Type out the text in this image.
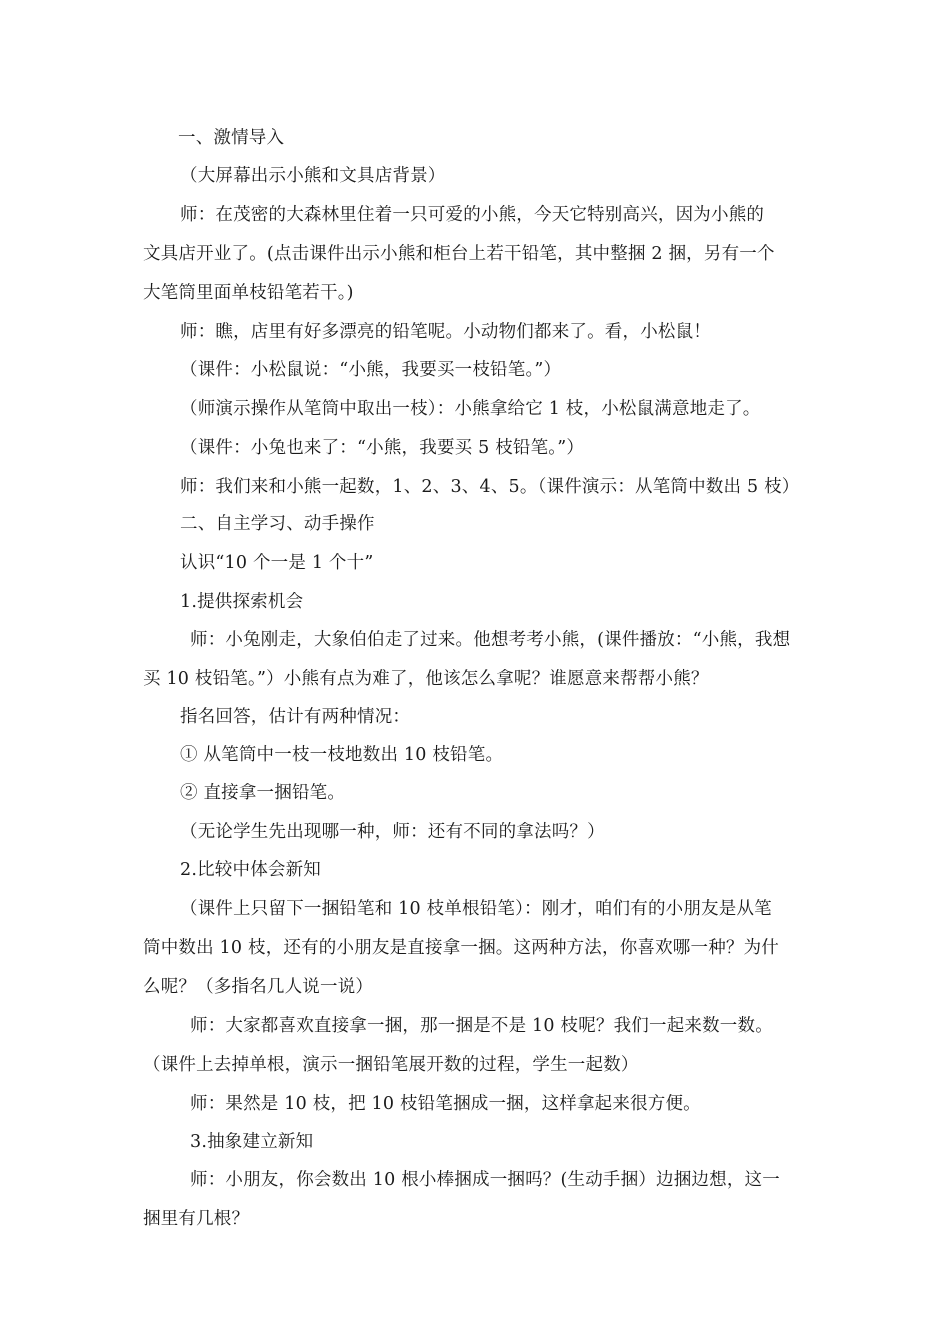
一、激情导入
（大屏幕出示小熊和文具店背景）
师：在茂密的大森林里住着一只可爱的小熊，今天它特别高兴，因为小熊的
文具店开业了。(点击课件出示小熊和柜台上若干铅笔，其中整捆 2 捆，另有一个
大笔筒里面单枝铅笔若干。)
师：瞧，店里有好多漂亮的铅笔呢。小动物们都来了。看，小松鼠！
（课件：小松鼠说：“小熊，我要买一枝铅笔。”）
（师演示操作从笔筒中取出一枝）：小熊拿给它 1 枝，小松鼠满意地走了。
（课件：小兔也来了：“小熊，我要买 5 枝铅笔。”）
师：我们来和小熊一起数，1、2、3、4、5。（课件演示：从笔筒中数出 5 枝）
二、自主学习、动手操作
认识“10 个一是 1 个十”
1.提供探索机会
师：小兔刚走，大象伯伯走了过来。他想考考小熊，(课件播放：“小熊，我想
买 10 枝铅笔。”）小熊有点为难了，他该怎么拿呢？谁愿意来帮帮小熊？
指名回答，估计有两种情况：
① 从笔筒中一枝一枝地数出 10 枝铅笔。
② 直接拿一捆铅笔。
（无论学生先出现哪一种，师：还有不同的拿法吗？）
2.比较中体会新知
（课件上只留下一捆铅笔和 10 枝单根铅笔）：刚才，咱们有的小朋友是从笔
筒中数出 10 枝，还有的小朋友是直接拿一捆。这两种方法，你喜欢哪一种？为什
么呢？（多指名几人说一说）
师：大家都喜欢直接拿一捆，那一捆是不是 10 枝呢？我们一起来数一数。
（课件上去掉单根，演示一捆铅笔展开数的过程，学生一起数）
师：果然是 10 枝，把 10 枝铅笔捆成一捆，这样拿起来很方便。
3.抽象建立新知
师：小朋友，你会数出 10 根小棒捆成一捆吗？(生动手捆）边捆边想，这一
捆里有几根？
